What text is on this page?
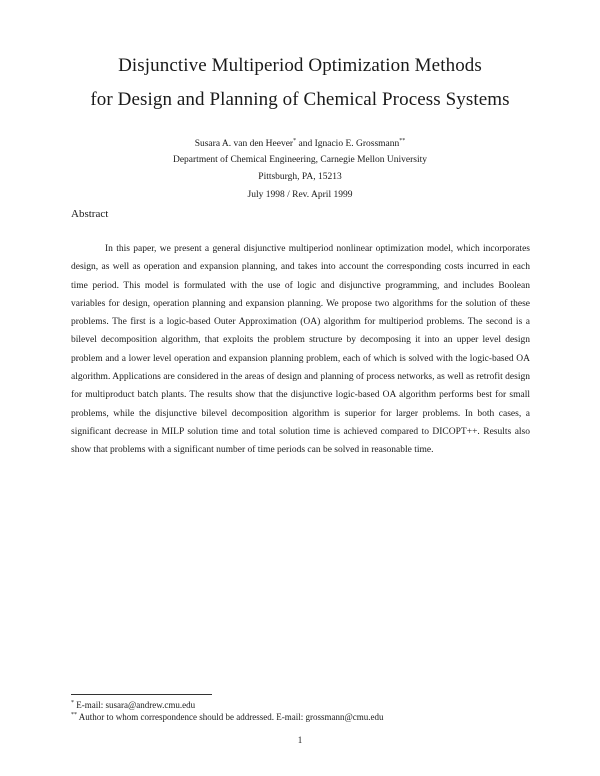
Disjunctive Multiperiod Optimization Methods
for Design and Planning of Chemical Process Systems
Susara A. van den Heever* and Ignacio E. Grossmann**
Department of Chemical Engineering, Carnegie Mellon University
Pittsburgh, PA, 15213
July 1998 / Rev. April 1999
Abstract

In this paper, we present a general disjunctive multiperiod nonlinear optimization model, which incorporates design, as well as operation and expansion planning, and takes into account the corresponding costs incurred in each time period. This model is formulated with the use of logic and disjunctive programming, and includes Boolean variables for design, operation planning and expansion planning. We propose two algorithms for the solution of these problems. The first is a logic-based Outer Approximation (OA) algorithm for multiperiod problems. The second is a bilevel decomposition algorithm, that exploits the problem structure by decomposing it into an upper level design problem and a lower level operation and expansion planning problem, each of which is solved with the logic-based OA algorithm. Applications are considered in the areas of design and planning of process networks, as well as retrofit design for multiproduct batch plants. The results show that the disjunctive logic-based OA algorithm performs best for small problems, while the disjunctive bilevel decomposition algorithm is superior for larger problems. In both cases, a significant decrease in MILP solution time and total solution time is achieved compared to DICOPT++. Results also show that problems with a significant number of time periods can be solved in reasonable time.

* E-mail: susara@andrew.cmu.edu
** Author to whom correspondence should be addressed. E-mail: grossmann@cmu.edu
1
